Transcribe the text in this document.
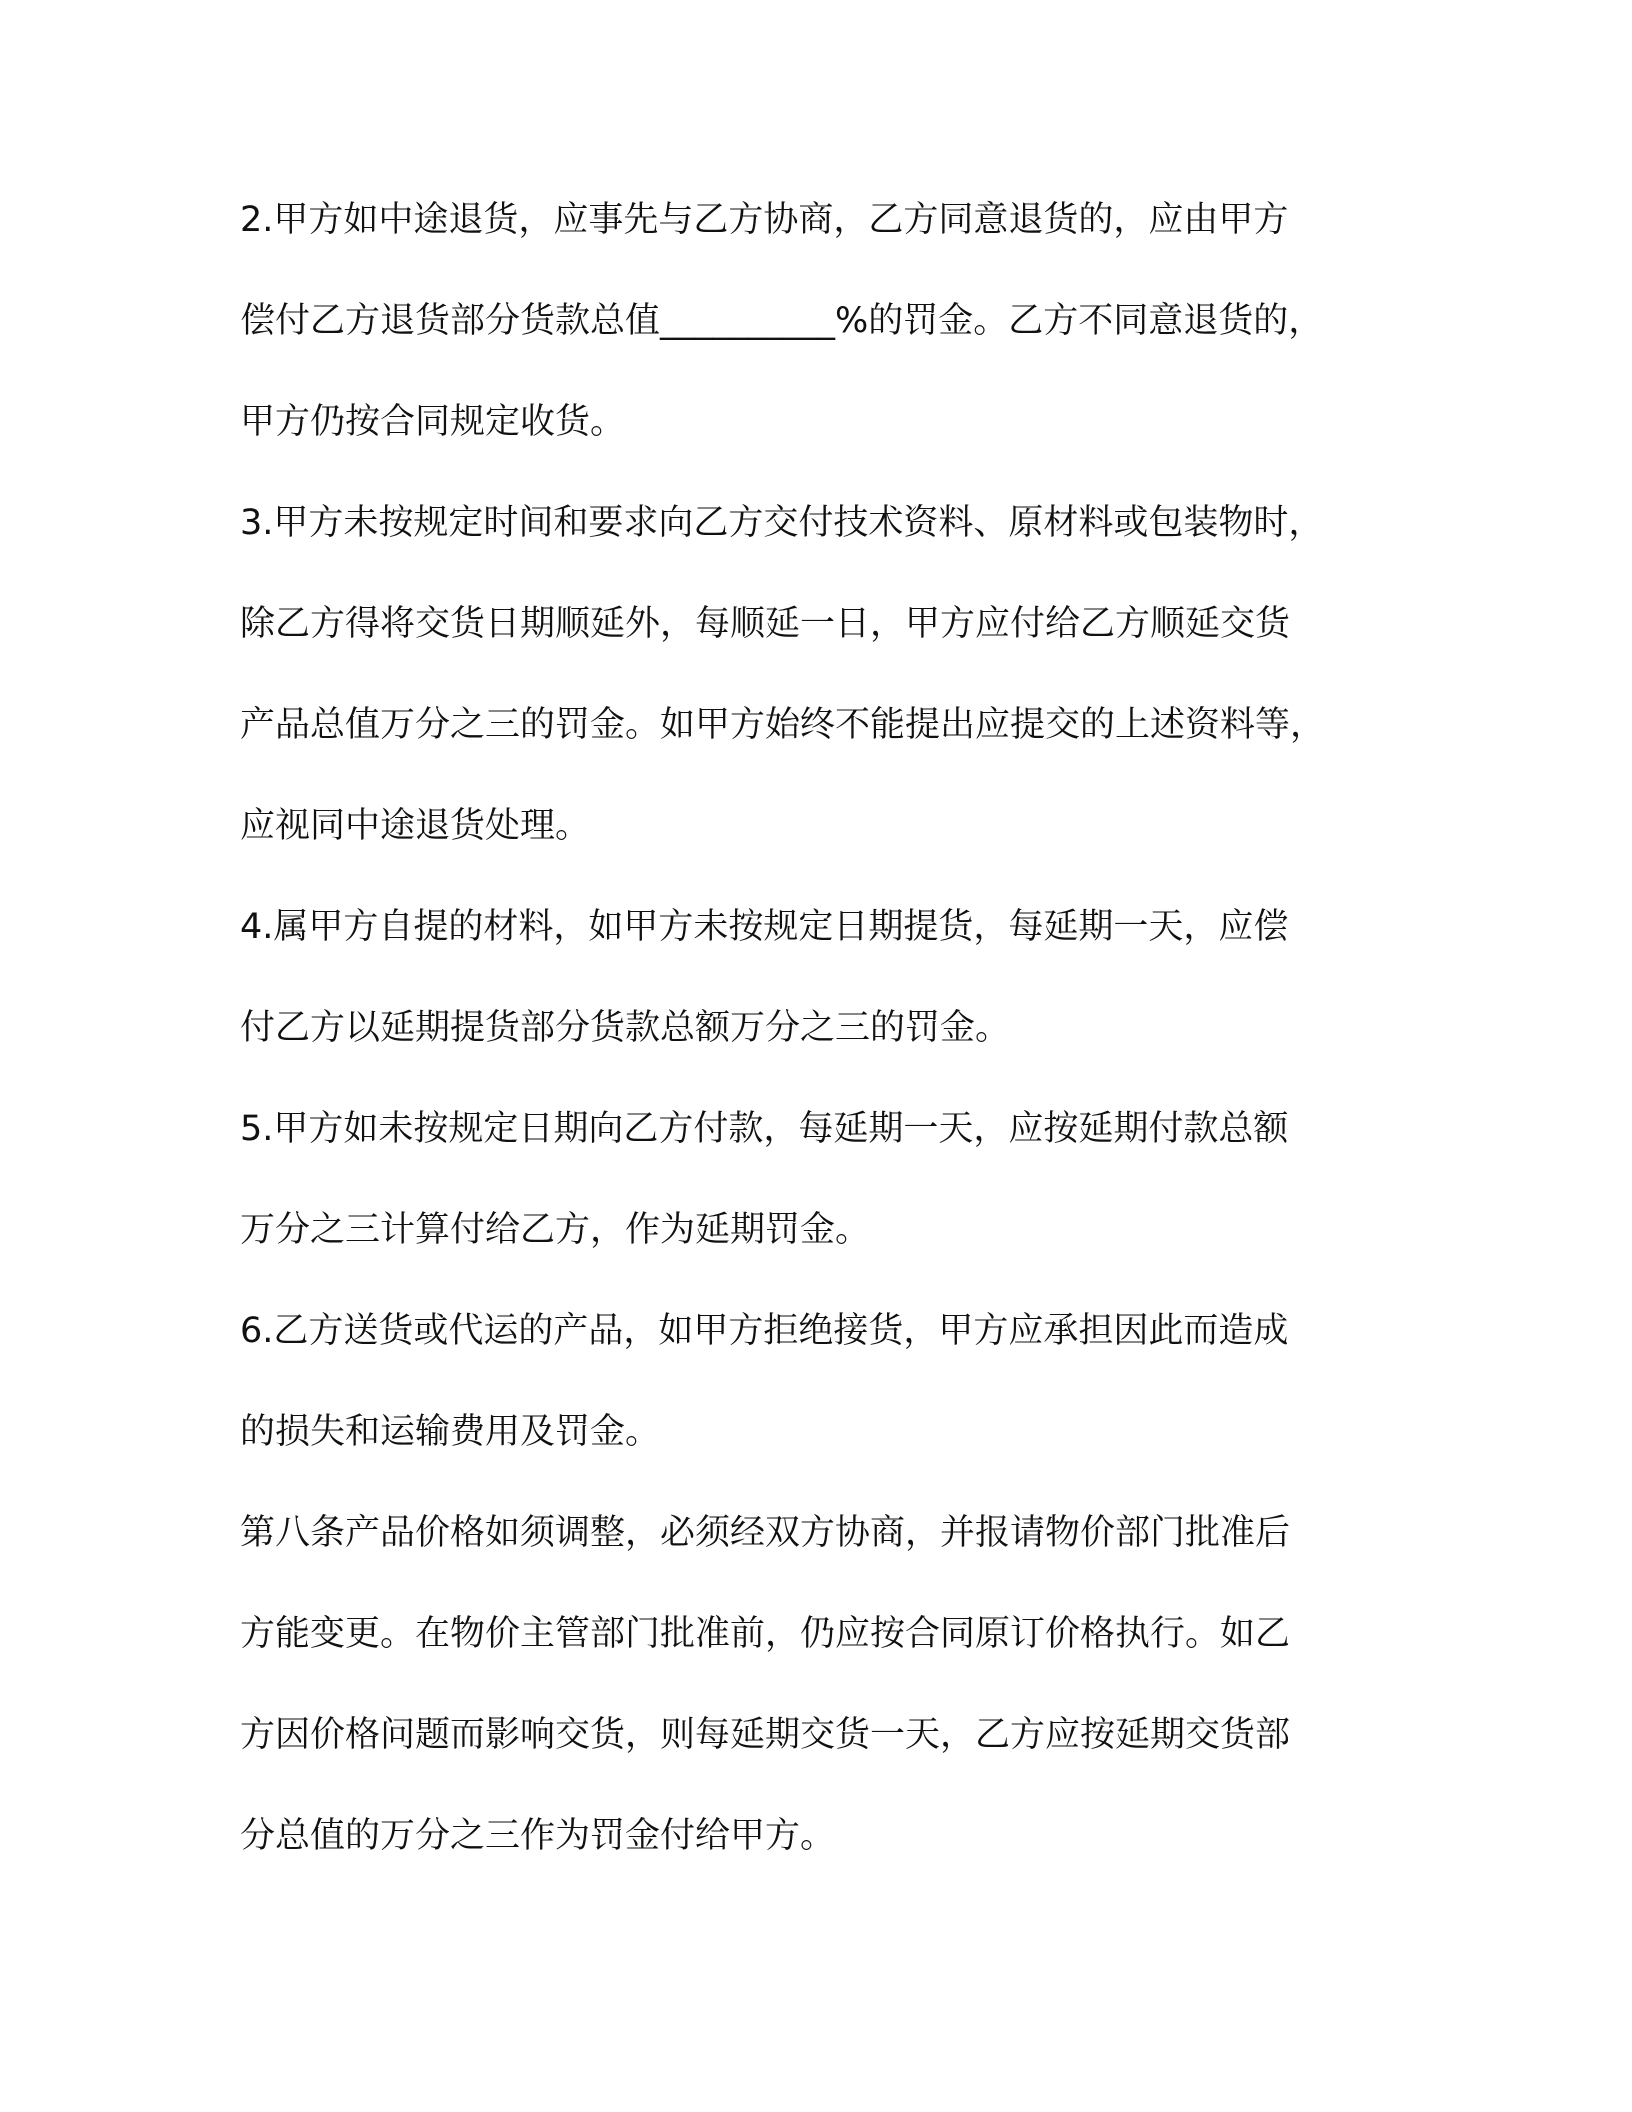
2.甲方如中途退货，应事先与乙方协商，乙方同意退货的，应由甲方
偿付乙方退货部分货款总值__________%的罚金。乙方不同意退货的，
甲方仍按合同规定收货。
3.甲方未按规定时间和要求向乙方交付技术资料、原材料或包装物时，
除乙方得将交货日期顺延外，每顺延一日，甲方应付给乙方顺延交货
产品总值万分之三的罚金。如甲方始终不能提出应提交的上述资料等，
应视同中途退货处理。
4.属甲方自提的材料，如甲方未按规定日期提货，每延期一天，应偿
付乙方以延期提货部分货款总额万分之三的罚金。
5.甲方如未按规定日期向乙方付款，每延期一天，应按延期付款总额
万分之三计算付给乙方，作为延期罚金。
6.乙方送货或代运的产品，如甲方拒绝接货，甲方应承担因此而造成
的损失和运输费用及罚金。
第八条产品价格如须调整，必须经双方协商，并报请物价部门批准后
方能变更。在物价主管部门批准前，仍应按合同原订价格执行。如乙
方因价格问题而影响交货，则每延期交货一天，乙方应按延期交货部
分总值的万分之三作为罚金付给甲方。
